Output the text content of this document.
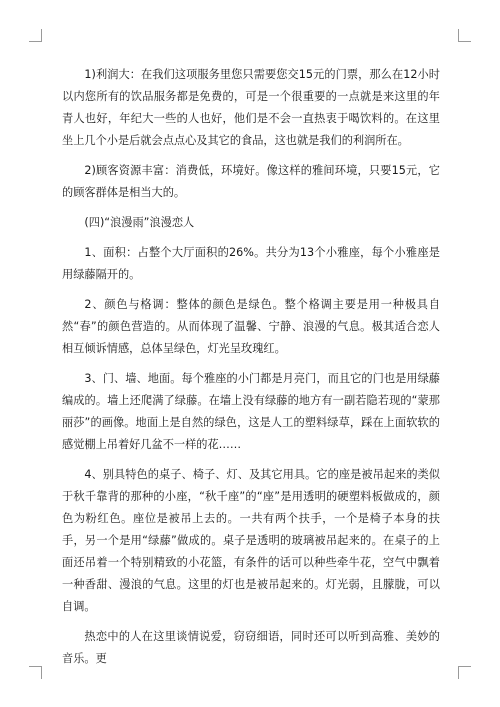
1)利润大：在我们这项服务里您只需要您交15元的门票，那么在12小时以内您所有的饮品服务都是免费的，可是一个很重要的一点就是来这里的年青人也好，年纪大一些的人也好，他们是不会一直热衷于喝饮料的。在这里坐上几个小是后就会点点心及其它的食品，这也就是我们的利润所在。

2)顾客资源丰富：消费低，环境好。像这样的雅间环境，只要15元，它的顾客群体是相当大的。

(四)“浪漫雨”浪漫恋人

1、面积：占整个大厅面积的26%。共分为13个小雅座，每个小雅座是用绿藤隔开的。

2、颜色与格调：整体的颜色是绿色。整个格调主要是用一种极具自然“春”的颜色营造的。从而体现了温馨、宁静、浪漫的气息。极其适合恋人相互倾诉情感，总体呈绿色，灯光呈玫瑰红。

3、门、墙、地面。每个雅座的小门都是月亮门，而且它的门也是用绿藤编成的。墙上还爬满了绿藤。在墙上没有绿藤的地方有一副若隐若现的“蒙那丽莎”的画像。地面上是自然的绿色，这是人工的塑料绿草，踩在上面软软的感觉棚上吊着好几盆不一样的花……

4、别具特色的桌子、椅子、灯、及其它用具。它的座是被吊起来的类似于秋千靠背的那种的小座，“秋千座”的“座”是用透明的硬塑料板做成的，颜色为粉红色。座位是被吊上去的。一共有两个扶手，一个是椅子本身的扶手，另一个是用“绿藤”做成的。桌子是透明的玻璃被吊起来的。在桌子的上面还吊着一个特别精致的小花篮，有条件的话可以种些牵牛花，空气中飘着一种香甜、漫浪的气息。这里的灯也是被吊起来的。灯光弱，且朦胧，可以自调。

热恋中的人在这里谈情说爱，窃窃细语，同时还可以听到高雅、美妙的音乐。更
